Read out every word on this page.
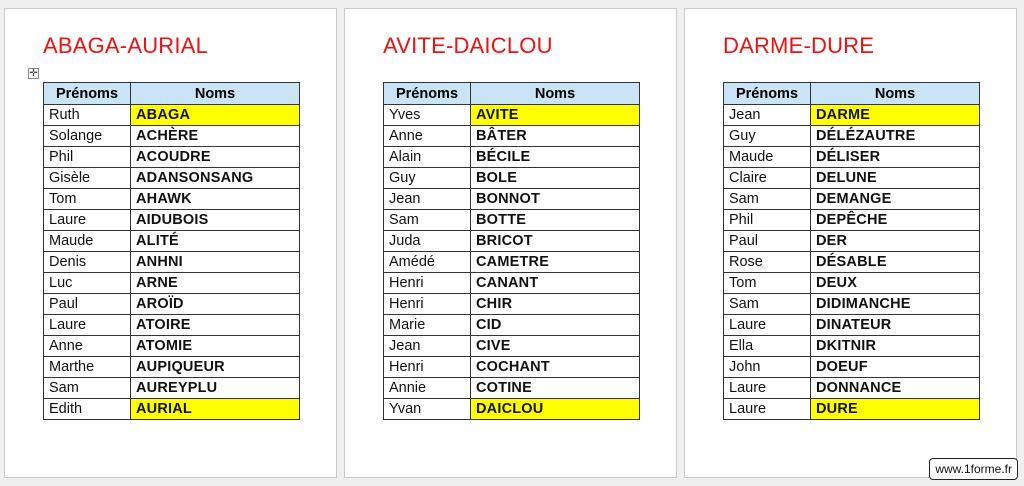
ABAGA-AURIAL
✛
Prénoms	Noms
Ruth	ABAGA
Solange	ACHÈRE
Phil	ACOUDRE
Gisèle	ADANSONSANG
Tom	AHAWK
Laure	AIDUBOIS
Maude	ALITÉ
Denis	ANHNI
Luc	ARNE
Paul	AROÏD
Laure	ATOIRE
Anne	ATOMIE
Marthe	AUPIQUEUR
Sam	AUREYPLU
Edith	AURIAL
AVITE-DAICLOU
Prénoms	Noms
Yves	AVITE
Anne	BÂTER
Alain	BÉCILE
Guy	BOLE
Jean	BONNOT
Sam	BOTTE
Juda	BRICOT
Amédé	CAMETRE
Henri	CANANT
Henri	CHIR
Marie	CID
Jean	CIVE
Henri	COCHANT
Annie	COTINE
Yvan	DAICLOU
DARME-DURE
Prénoms	Noms
Jean	DARME
Guy	DÉLÉZAUTRE
Maude	DÉLISER
Claire	DELUNE
Sam	DEMANGE
Phil	DEPÊCHE
Paul	DER
Rose	DÉSABLE
Tom	DEUX
Sam	DIDIMANCHE
Laure	DINATEUR
Ella	DKITNIR
John	DOEUF
Laure	DONNANCE
Laure	DURE
www.1forme.fr
